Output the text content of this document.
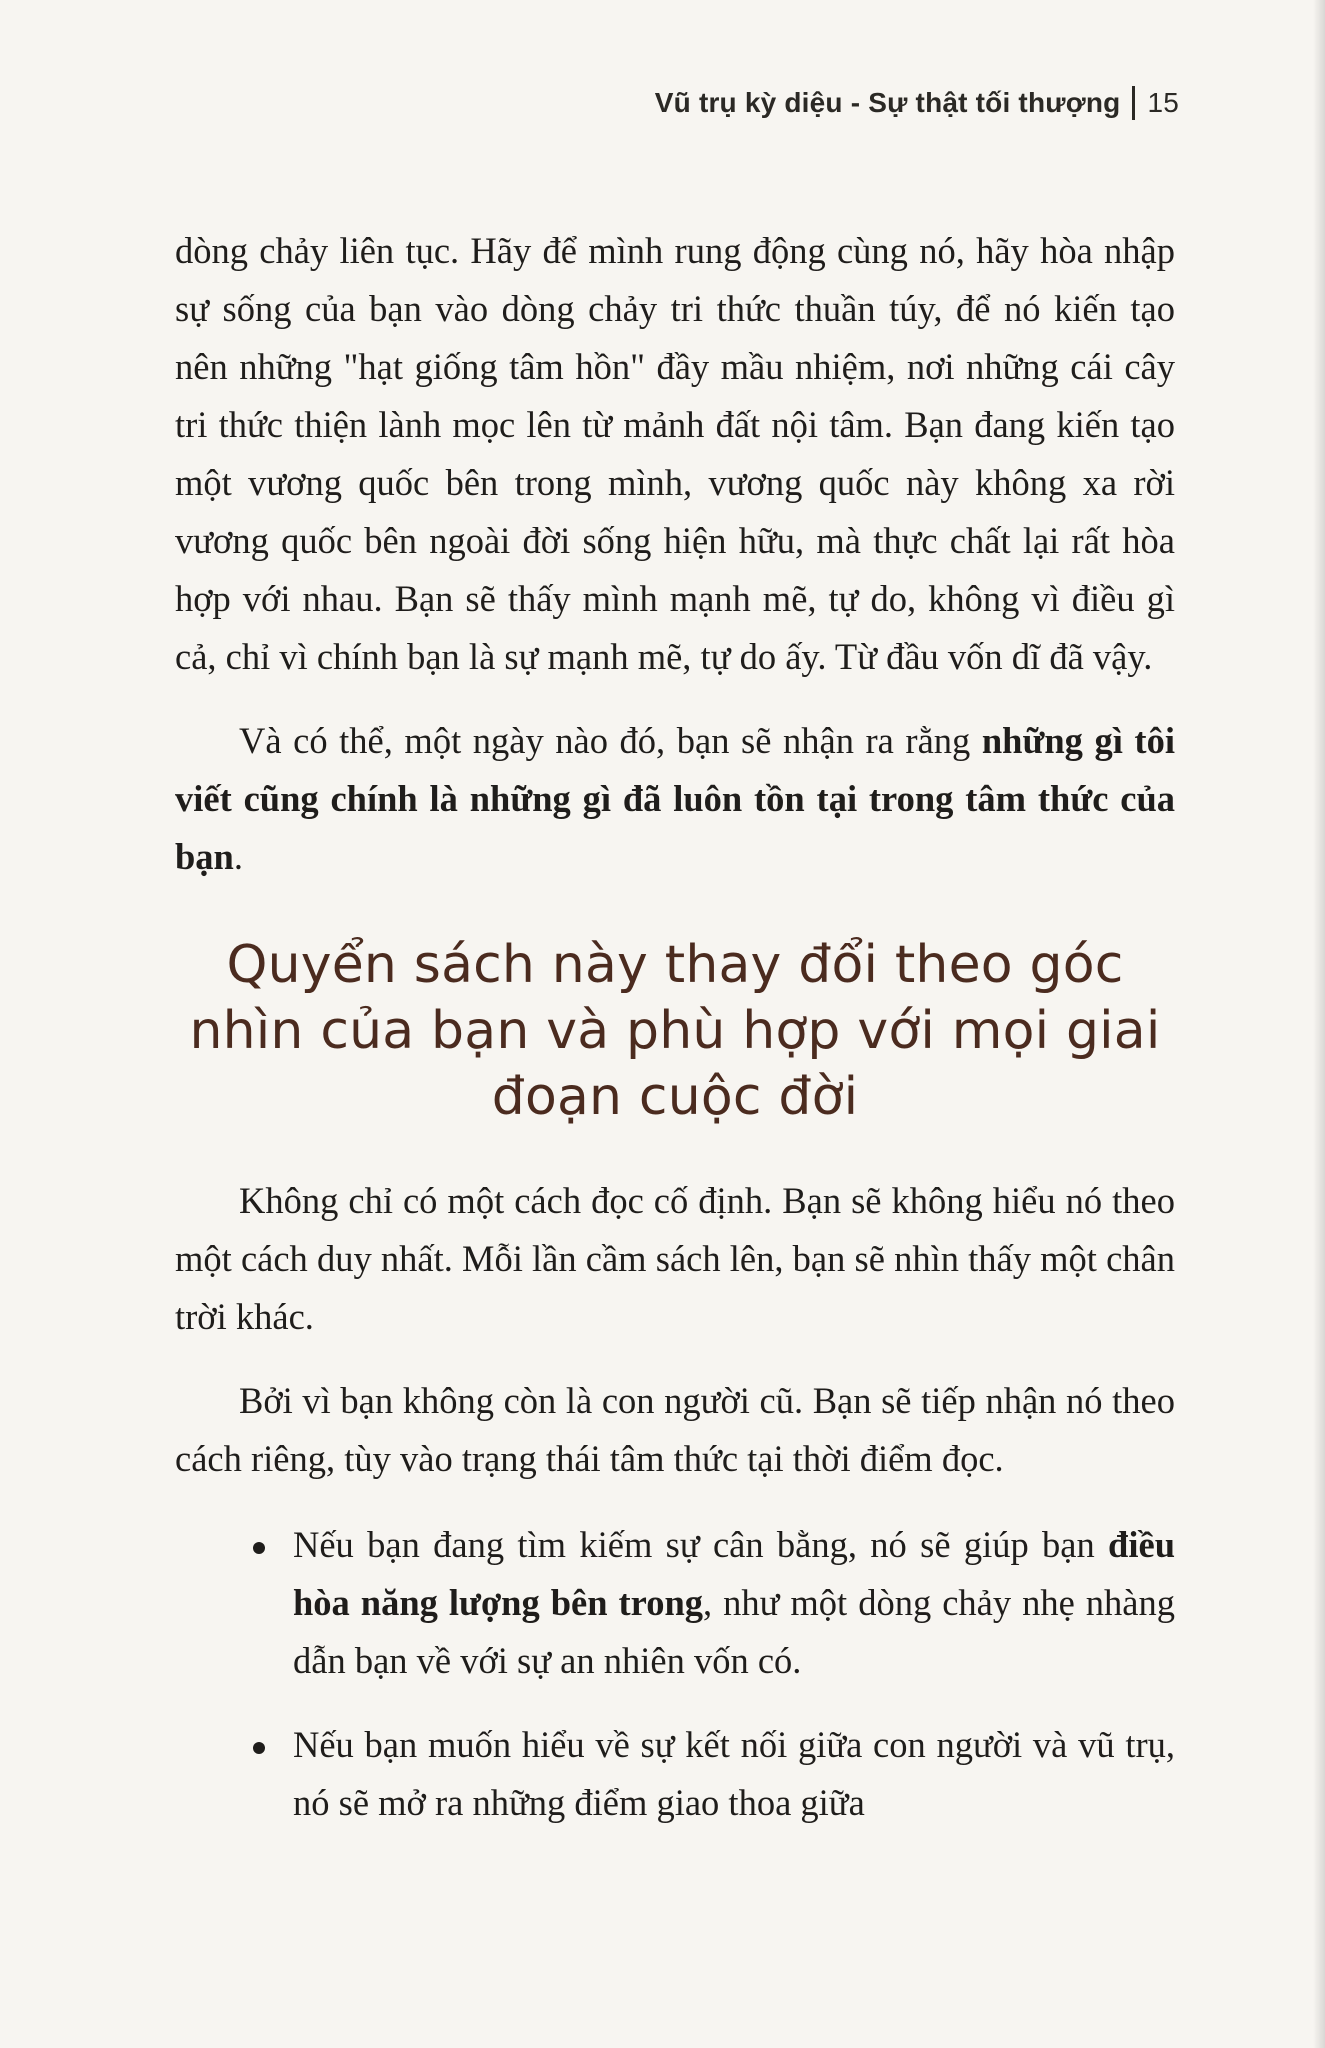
Vũ trụ kỳ diệu - Sự thật tối thượng 15

dòng chảy liên tục. Hãy để mình rung động cùng nó, hãy hòa nhập sự sống của bạn vào dòng chảy tri thức thuần túy, để nó kiến tạo nên những "hạt giống tâm hồn" đầy mầu nhiệm, nơi những cái cây tri thức thiện lành mọc lên từ mảnh đất nội tâm. Bạn đang kiến tạo một vương quốc bên trong mình, vương quốc này không xa rời vương quốc bên ngoài đời sống hiện hữu, mà thực chất lại rất hòa hợp với nhau. Bạn sẽ thấy mình mạnh mẽ, tự do, không vì điều gì cả, chỉ vì chính bạn là sự mạnh mẽ, tự do ấy. Từ đầu vốn dĩ đã vậy.

Và có thể, một ngày nào đó, bạn sẽ nhận ra rằng những gì tôi viết cũng chính là những gì đã luôn tồn tại trong tâm thức của bạn.

Quyển sách này thay đổi theo góc nhìn của bạn và phù hợp với mọi giai đoạn cuộc đời

Không chỉ có một cách đọc cố định. Bạn sẽ không hiểu nó theo một cách duy nhất. Mỗi lần cầm sách lên, bạn sẽ nhìn thấy một chân trời khác.

Bởi vì bạn không còn là con người cũ. Bạn sẽ tiếp nhận nó theo cách riêng, tùy vào trạng thái tâm thức tại thời điểm đọc.

Nếu bạn đang tìm kiếm sự cân bằng, nó sẽ giúp bạn điều hòa năng lượng bên trong, như một dòng chảy nhẹ nhàng dẫn bạn về với sự an nhiên vốn có.
Nếu bạn muốn hiểu về sự kết nối giữa con người và vũ trụ, nó sẽ mở ra những điểm giao thoa giữa
